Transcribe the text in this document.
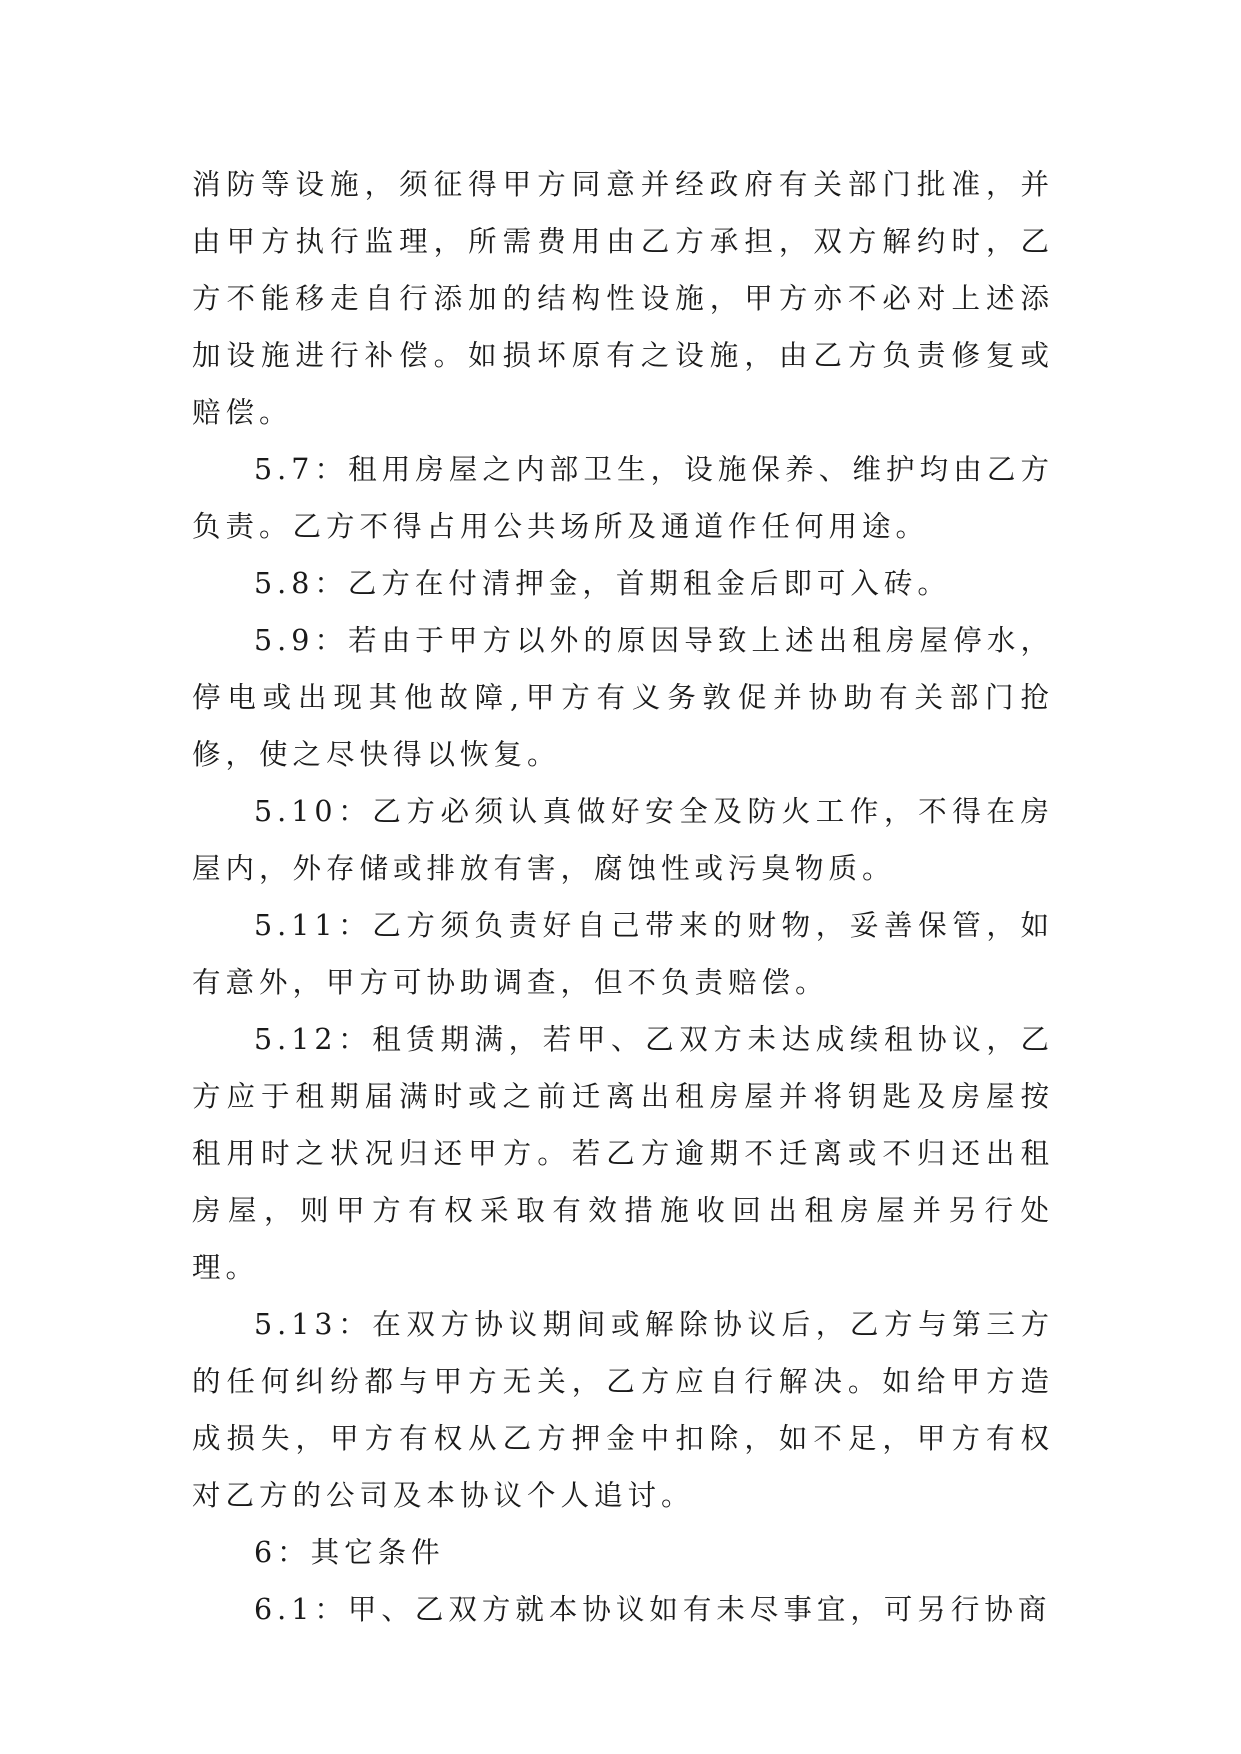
消防等设施，须征得甲方同意并经政府有关部门批准，并由甲方执行监理，所需费用由乙方承担，双方解约时，乙方不能移走自行添加的结构性设施，甲方亦不必对上述添加设施进行补偿。如损坏原有之设施，由乙方负责修复或赔偿。

5.7：租用房屋之内部卫生，设施保养、维护均由乙方负责。乙方不得占用公共场所及通道作任何用途。

5.8：乙方在付清押金，首期租金后即可入砖。

5.9：若由于甲方以外的原因导致上述出租房屋停水，停电或出现其他故障,甲方有义务敦促并协助有关部门抢修，使之尽快得以恢复。

5.10：乙方必须认真做好安全及防火工作，不得在房屋内，外存储或排放有害，腐蚀性或污臭物质。

5.11：乙方须负责好自己带来的财物，妥善保管，如有意外，甲方可协助调查，但不负责赔偿。

5.12：租赁期满，若甲、乙双方未达成续租协议，乙方应于租期届满时或之前迁离出租房屋并将钥匙及房屋按租用时之状况归还甲方。若乙方逾期不迁离或不归还出租房屋，则甲方有权采取有效措施收回出租房屋并另行处理。

5.13：在双方协议期间或解除协议后，乙方与第三方的任何纠纷都与甲方无关，乙方应自行解决。如给甲方造成损失，甲方有权从乙方押金中扣除，如不足，甲方有权对乙方的公司及本协议个人追讨。

6：其它条件

6.1：甲、乙双方就本协议如有未尽事宜，可另行协商
